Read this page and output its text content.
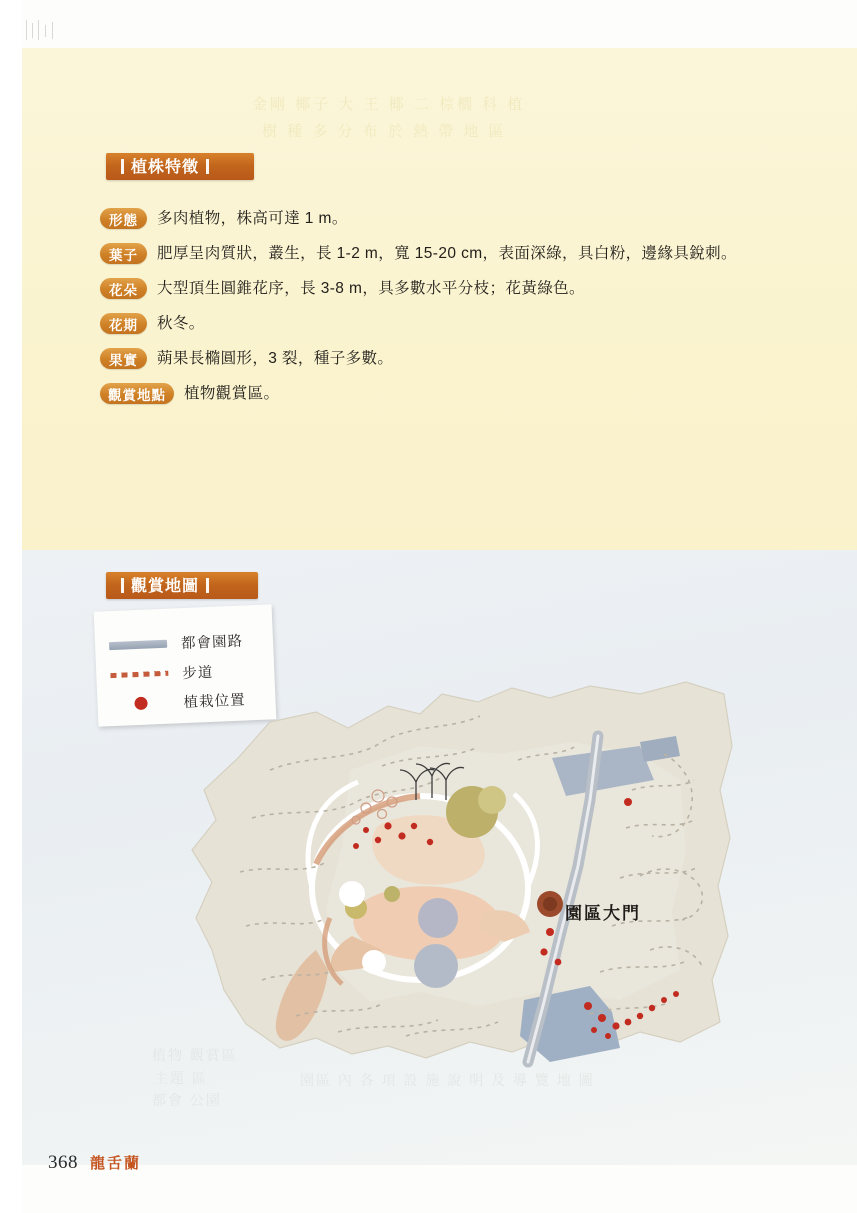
金剛 椰子 大 王 椰 二 棕櫚 科 植
樹 種 多 分 布 於 熱 帶 地 區
植物 觀賞區
主題 區
都會 公園
園區 內 各 項 設 施 說 明 及 導 覽 地 圖
植株特徵
形態	多肉植物，株高可達 1 m。
葉子	肥厚呈肉質狀，叢生，長 1-2 m，寬 15-20 cm，表面深綠，具白粉，邊緣具銳刺。
花朵	大型頂生圓錐花序，長 3-8 m，具多數水平分枝；花黃綠色。
花期	秋冬。
果實	蒴果長橢圓形，3 裂，種子多數。
觀賞地點	植物觀賞區。
觀賞地圖
都會園路
步道
植栽位置
園區大門
368 龍舌蘭
